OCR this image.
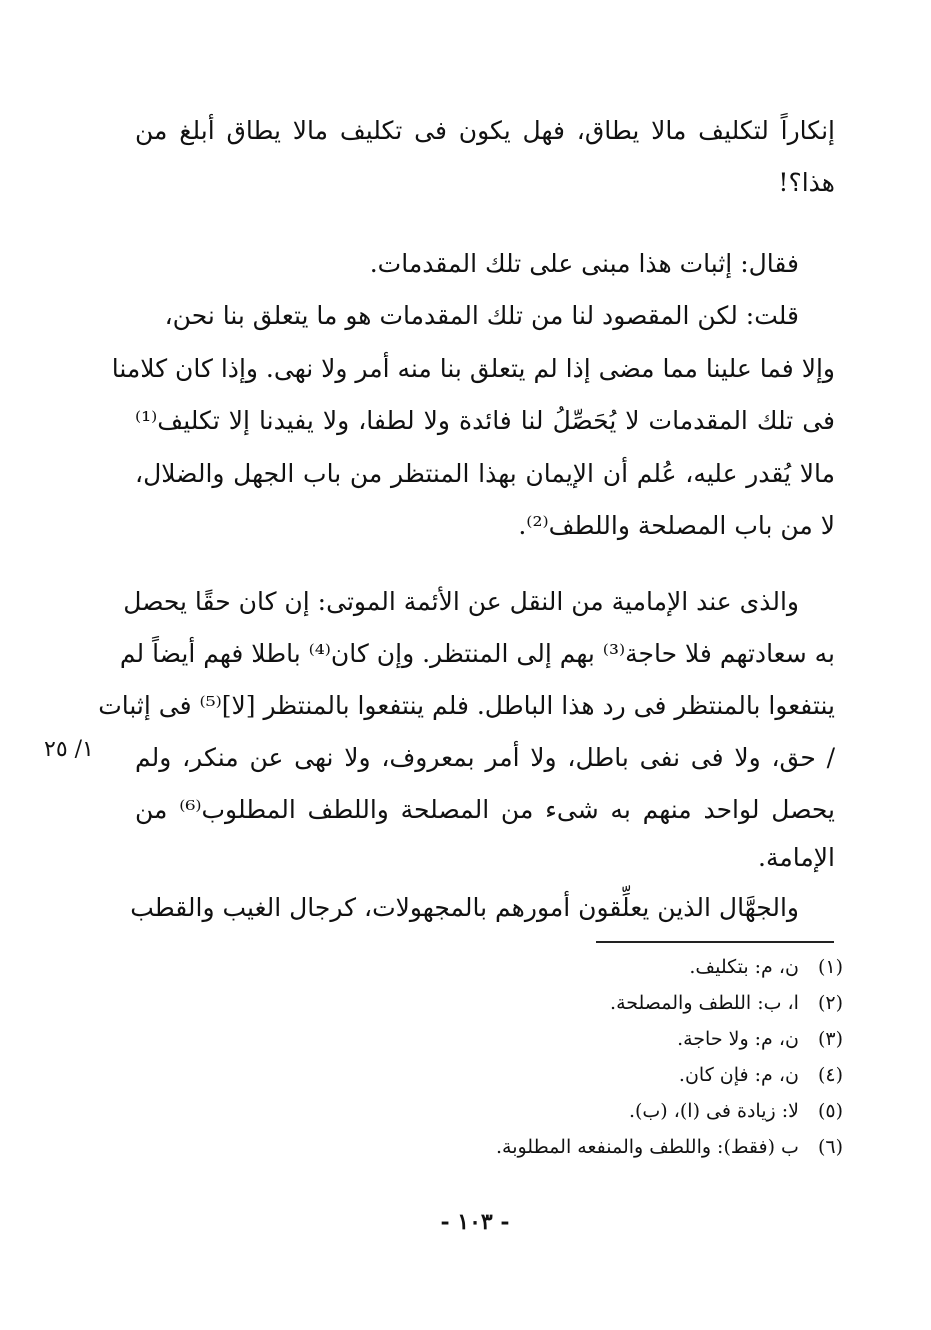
إنكاراً لتكليف مالا يطاق، فهل يكون فى تكليف مالا يطاق أبلغ من
هذا؟!
فقال: إثبات هذا مبنى على تلك المقدمات.
قلت: لكن المقصود لنا من تلك المقدمات هو ما يتعلق بنا نحن،
وإلا فما علينا مما مضى إذا لم يتعلق بنا منه أمر ولا نهى. وإذا كان كلامنا
فى تلك المقدمات لا يُحَصِّلُ لنا فائدة ولا لطفا، ولا يفيدنا إلا تكليف⁽¹⁾
مالا يُقدر عليه، عُلم أن الإيمان بهذا المنتظر من باب الجهل والضلال،
لا من باب المصلحة واللطف⁽²⁾.
والذى عند الإمامية من النقل عن الأئمة الموتى: إن كان حقًا يحصل
به سعادتهم فلا حاجة⁽³⁾ بهم إلى المنتظر. وإن كان⁽⁴⁾ باطلا فهم أيضاً لم
ينتفعوا بالمنتظر فى رد هذا الباطل. فلم ينتفعوا بالمنتظر [لا]⁽⁵⁾ فى إثبات
/ حق، ولا فى نفى باطل، ولا أمر بمعروف، ولا نهى عن منكر، ولم
يحصل لواحد منهم به شىء من المصلحة واللطف المطلوب⁽⁶⁾ من
الإمامة.
والجهَّال الذين يعلِّقون أمورهم بالمجهولات، كرجال الغيب والقطب
١/ ٢٥
(١) ن، م: بتكليف.
(٢) ا، ب: اللطف والمصلحة.
(٣) ن، م: ولا حاجة.
(٤) ن، م: فإن كان.
(٥) لا: زيادة فى (ا)، (ب).
(٦) ب (فقط): واللطف والمنفعه المطلوبة.
- ١٠٣ -
